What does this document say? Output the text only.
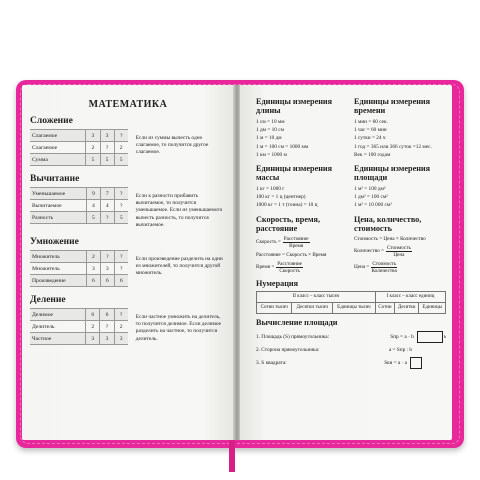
МАТЕМАТИКА
Сложение
Слагаемое	3	3	?
Слагаемое	2	?	2
Сумма	5	5	5
Если из суммы вычесть одно слагаемое, то получится другое слагаемое.
Вычитание
Уменьшаемое	9	7	?
Вычитаемое	4	4	?
Разность	5	?	5
Если к разности прибавить вычитаемое, то получится уменьшаемое. Если из уменьшаемого вычесть разность, то получится вычитаемое.
Умножение
Множитель	2	?	?
Множитель	3	3	?
Произведение	6	6	6
Если произведение разделить на один из множителей, то получится другой множитель.
Деление
Делимое	6	6	?
Делитель	2	?	2
Частное	3	3	3
Если частное умножить на делитель, то получится делимое. Если делимое разделить на частное, то получится делитель.
Единицы измерения длины
1 см = 10 мм
1 дм = 10 см
1 м = 10 дм
1 м = 100 см = 1000 мм
1 км = 1000 м
Единицы измерения времени
1 мин = 60 сек.
1 час = 60 мин
1 сутки = 24 ч
1 год = 365 или 366 суток =12 мес.
Век = 100 годам
Единицы измерения массы
1 кг = 1000 г
100 кг = 1 ц (центнер)
1000 кг = 1 т (тонна) = 10 ц
Единицы измерения площади
1 м² = 100 дм²
1 дм² = 100 см²
1 м² = 10 000 см²
Скорость, время, расстояние
Скорость = $\frac{\text{Расстояние}}{\text{Время}}$
Расстояние = Скорость × Время
Время = $\frac{\text{Расстояние}}{\text{Скорость}}$
Цена, количество, стоимость
Стоимость = Цена × Количество
Количество = $\frac{\text{Стоимость}}{\text{Цена}}$
Цена = $\frac{\text{Стоимость}}{\text{Количество}}$
Нумерация
II класс – класс тысяч			I класс – класс единиц		
Сотни тысяч	Десятки тысяч	Единицы тысяч	Сотни	Десятки	Единицы
Вычисление площади
1. Площадь (S) прямоугольника:	Sпр = a · b	b
2. Сторона прямоугольника:	a = Sпр : b
3. S квадрата:	Sкв = a · a
